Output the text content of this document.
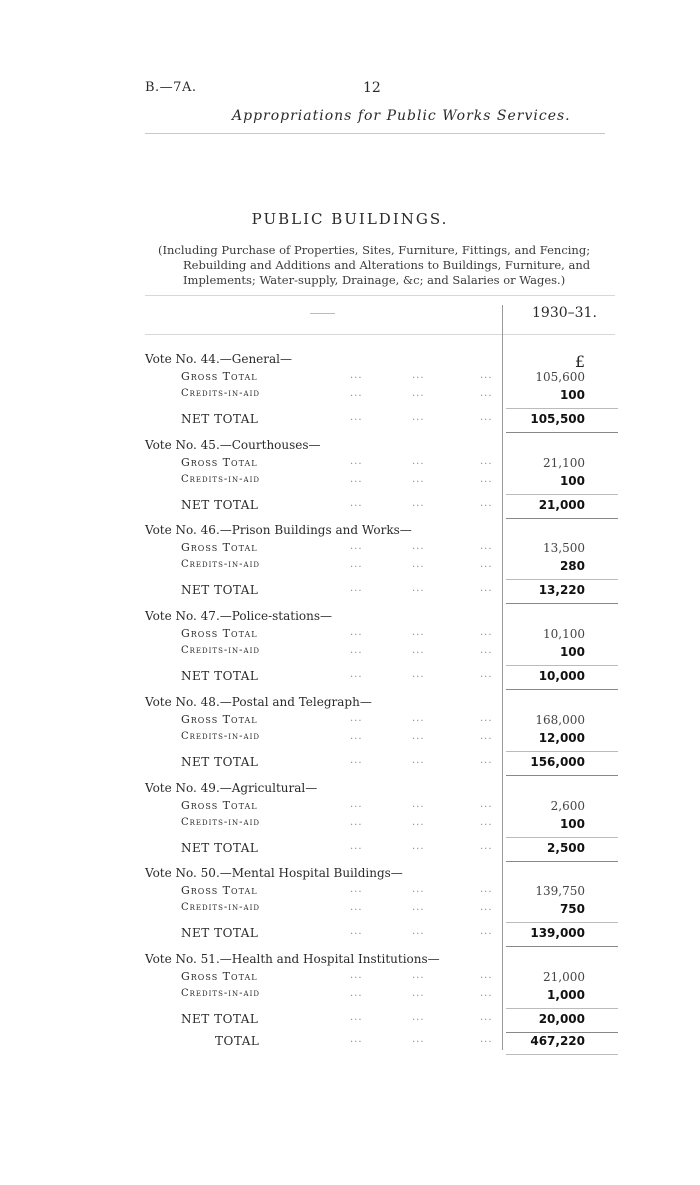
B.—7A.	12
Appropriations for Public Works Services.
PUBLIC BUILDINGS.
(Including Purchase of Properties, Sites, Furniture, Fittings, and Fencing;
Rebuilding and Additions and Alterations to Buildings, Furniture, and
Implements; Water-supply, Drainage, &c; and Salaries or Wages.)
1930–31.
Vote No. 44.—General—	£
Gross Total	...	...	...	105,600
Credits-in-aid	...	...	...	100
NET TOTAL	...	...	...	105,500
Vote No. 45.—Courthouses—
Gross Total	...	...	...	21,100
Credits-in-aid	...	...	...	100
NET TOTAL	...	...	...	21,000
Vote No. 46.—Prison Buildings and Works—
Gross Total	...	...	...	13,500
Credits-in-aid	...	...	...	280
NET TOTAL	...	...	...	13,220
Vote No. 47.—Police-stations—
Gross Total	...	...	...	10,100
Credits-in-aid	...	...	...	100
NET TOTAL	...	...	...	10,000
Vote No. 48.—Postal and Telegraph—
Gross Total	...	...	...	168,000
Credits-in-aid	...	...	...	12,000
NET TOTAL	...	...	...	156,000
Vote No. 49.—Agricultural—
Gross Total	...	...	...	2,600
Credits-in-aid	...	...	...	100
NET TOTAL	...	...	...	2,500
Vote No. 50.—Mental Hospital Buildings—
Gross Total	...	...	...	139,750
Credits-in-aid	...	...	...	750
NET TOTAL	...	...	...	139,000
Vote No. 51.—Health and Hospital Institutions—
Gross Total	...	...	...	21,000
Credits-in-aid	...	...	...	1,000
NET TOTAL	...	...	...	20,000
TOTAL	...	...	...	467,220
